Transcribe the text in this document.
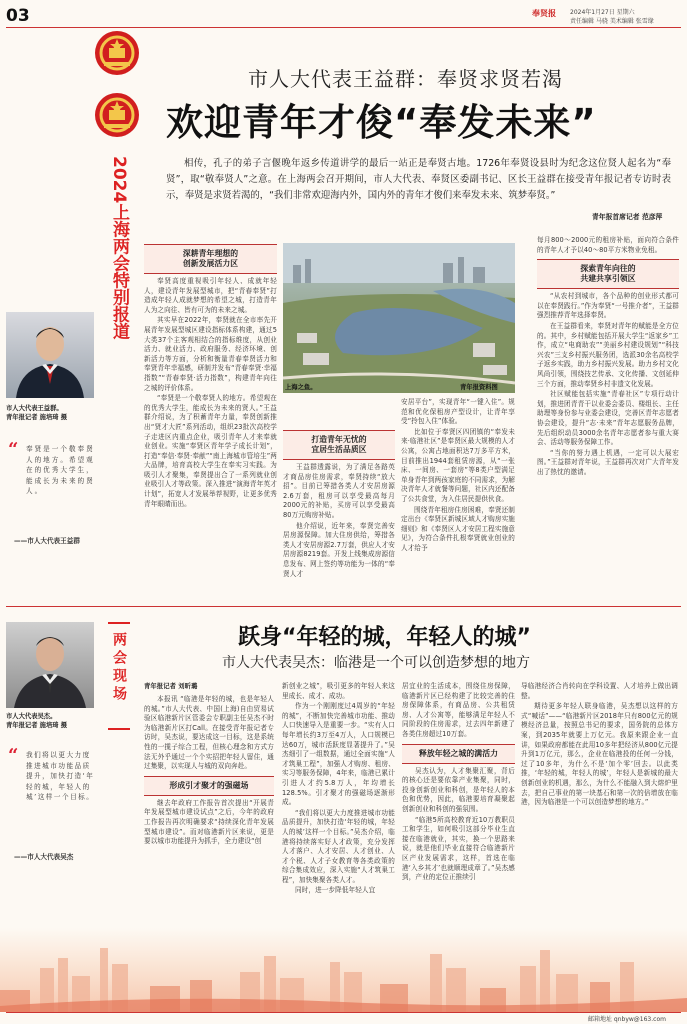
03	奉贤报 2024年1月27日 星期六
责任编辑 马骁 美术编辑 张雪缘
市人大代表王益群：奉贤求贤若渴
欢迎青年才俊“奉发未来”
2024上海两会特别报道	相传，孔子的弟子言偃晚年返乡传道讲学的最后一站正是奉贤古地。1726年奉贤设县时为纪念这位贤人起名为“奉贤”，取“敬奉贤人”之意。在上海两会召开期间，市人大代表、奉贤区委副书记、区长王益群在接受青年报记者专访时表示，奉贤是求贤若渴的，“我们非常欢迎海内外，国内外的青年才俊们来奉发未来、筑梦奉贤。”
青年报首席记者 范彦萍
市人大代表王益群。
青年报记者 施培琦 摄
“ 奉贤是一个敬奉贤人的地方。希望观在的优秀大学生，能成长为未来的贤人。
——市人大代表王益群
深耕青年理想的
创新发展活力区

奉贤高度重视吸引年轻人、成就年轻人，建设青年发展型城市，把“青春奉贤”打造成年轻人成就梦想的希望之城，打造青年人为之向往、皆有可为的未来之城。

其实早在2022年，奉贤就在全市率先开展青年发展型城区建设指标体系构建，通过5大类37个主客观相结合的指标维度，从创业活力、就业活力、政府服务、经济环境、创新活力等方面，分析和衡量青春奉贤活力和奉贤青年幸福感，研制并发布“青春奉贤·幸福指数”“青春奉贤·活力指数”，构建青年向往之城的评价体系。

“奉贤是一个敬奉贤人的地方。希望观在的优秀大学生，能成长为未来的贤人。”王益群介绍说，为了积蓄青年力量，奉贤创新推出“贤才大匠”系列活动，组织23批次高校学子走进区内重点企业，吸引青年人才来奉就业创业。实施“奉贤区青年学子成长计划”，打造“奉信·奉贤·奉献”“南上海城市管培生”两大品牌，培育高校大学生在奉实习实践。为吸引人才聚集，奉贤提出合了一系列就业创业吸引人才等政策。深入推进“演海青年英才计划”，拓宽人才发展举荐视野，让更多优秀青年眼睛而出。

上海之鱼。	青年报资料图
打造青年无忧的
宜居生活品质区

王益群透露说，为了满足各路英才商品房住房需求，奉贤持续“放大招”。目前已筹措各类人才安居房源2.6万套，租房可以享受最高每月2000元的补贴，买房可以享受最高80万元购房补贴。

他介绍说，近年来，奉贤完善安居房源保障。加大住房供给，筹措各类人才安居房源2.7万套，供应人才安居房源8219套。开发上线集成房源信息发布、网上签约等功能为一体的“奉贤人才

安居平台”，实现青年“一键入住”。规范和优化保租房产型设计，让青年享受“拎包入住”体验。

比如位于奉贤区四团镇的“奉发未来·临港社区”是奉贤区最大规模的人才公寓，公寓占地面积达7万多平方米，目前推出1944套租赁房源，从“一张床、一间房、一套房”等8类户型满足单身青年到两孩家庭的不同需求，为解决青年人才就餐等问题，社区内还配备了公共食堂，为入住居民提供伙食。

围绕青年租房住房困难，奉贤还制定出台《奉贤区新城区域人才购房实施细则》和《奉贤区人才安居工程实施意见》，为符合条件扎根奉贤就业创业的人才给予

每月800～2000元的租房补贴，面向符合条件的青年人才予以40～80平方米物业免租。

探索青年向往的
共建共享引领区

“从农村到城市，各个品种的创业形式都可以在奉贤践行。”作为奉贤“一号推介者”，王益群强烈推荐青年选择奉贤。

在王益群看来，奉贤对青年的赋能是全方位的。其中，乡村赋能包括开展大学生“返家乡”工作，成立“电商助农”“美丽乡村建设规划”“科技兴农”三支乡村振兴服务团，选派30余名高校学子返乡实践，助力乡村振兴发展。助力乡村文化风尚引领，围绕技艺传承、文化传播、文创延伸三个方面，推动奉贤乡村非遗文化发展。

社区赋能包括实施“青春社区”专项行动计划，推进团青青干以业委会委员、楼组长、主任助理等身份参与业委会建设，完善区青年志愿者协会建设，提升“志·未来”青年志愿服务品牌，先后组织动员3000余名青年志愿者参与重大赛会、活动等服务保障工作。

“当你的努力遇上机遇，一定可以大展宏图。”王益群对青年说，王益群再次对广大青年发出了热忱的邀请。

两会现场	跃身“年轻的城，年轻人的城”
市人大代表吴杰：临港是一个可以创造梦想的地方
市人大代表吴杰。
青年报记者 施培琦 摄
“ 我们将以更大力度推进城市功能品质提升，加快打造‘年轻的城，年轻人的城’这样一个目标。
——市人大代表吴杰
青年报记者 刘昕璐

本报讯 “临港是年轻的城，也是年轻人的城。”市人大代表、中国(上海)自由贸易试验区临港新片区管委会专职副主任吴杰不时为临港新片区打Call。在接受青年报记者专访时，吴杰说，要达成这一目标，这是系统性的一揽子综合工程，但核心理念和方式方法无外乎通过一个个实招把年轻人留住，通过集聚，以实现人与城的双向奔赴。

形成引才聚才的强磁场

继去年政府工作报告首次提出“开展青年发展型城市建设试点”之后，今年的政府工作报告再次明确要求“持续深化青年发展型城市建设”。而对临港新片区来说，更是要以城市功能提升为抓手，全力建设“创

新创业之城”，吸引更多的年轻人来这里成长、成才、成功。

作为一个刚刚度过4周岁的“年轻的城”，不断加快完善城市功能、推动人口快速导入是重要一步。“实有人口每年增长约3万至4万人，人口规模已达60万，城市活跃度显著提升了。”吴杰细引了一组数据，通过全面实施“人才筑巢工程”，加强人才购房、租房、实习等服务保障，4年来，临港已累计引进人才约5.8万人，年均增长128.5%。引才聚才的强磁场逐渐形成。

“我们将以更大力度推进城市功能品质提升，加快打造‘年轻的城，年轻人的城’这样一个目标。”吴杰介绍，临港将持续落实好人才政策，充分发挥人才落户、人才安居、人才创业、人才个税、人才子女教育等各类政策的综合集成效应，深入实施“人才筑巢工程”，加快集聚各类人才。

同时，进一步降低年轻人宜

居宜业的生活成本，围绕住房保障，临港新片区已经构建了比较完善的住房保障体系，有商品房、公共租赁房、人才公寓等，能够满足年轻人不同阶段的住房需求，过去四年新建了各类住房超过10万套。

释放年轻之城的满活力

吴杰认为，人才集聚汇聚，背后的核心还是要依靠产业集聚，同时，投身创新创业和科创，是年轻人的本色和优势，因此，临港要培育凝聚起创新创业和科创的强氛围。

“临港5所高校教育近10万教职员工和学生，如何吸引这部分毕业生直接在临港就业，其实，换一个思路来说，就是他们毕业直接符合临港新片区产业发展需求，这样，首选在临港‘入乡其才’也就顺理成章了。”吴杰感到，产业的定位正推续引

导临港经济合肖转向在学科设置、人才培养上做出调整。

期待更多年轻人联身临港，吴杰想以这样的方式“喊话”——“临港新片区2018年只有800亿元的规模经济总量，按照总书记的要求，国务院的总体方案，到2035年就要上万亿元。我原来跟企业一直讲，如果政府都能在此用10多年把经济从800亿元提升到1万亿元，那么，企业在临港投的任何一分钱，过了10多年，为什么不是‘加个零’回去。以此类推，‘年轻的城，年轻人的城’，年轻人是新城的最大创新创业的机遇，那么，为什么不能融入到大熔炉里去，把自己事业的第一块基石和第一次的倍增放在临港，因为临港是一个可以创造梦想的地方。”

邮箱地址 qnbyw@163.com
